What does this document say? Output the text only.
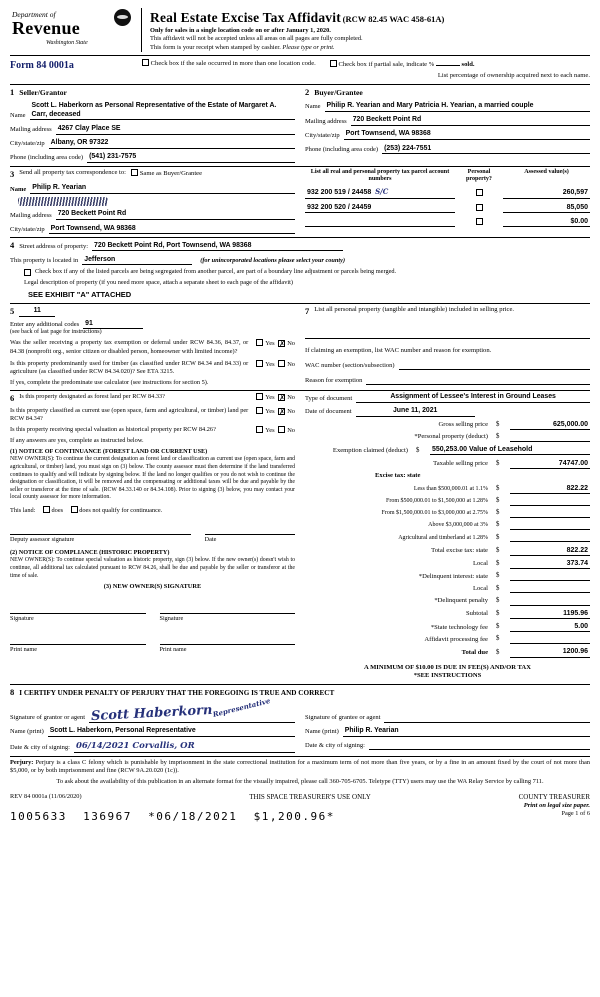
Department of
Revenue
Washington State
Real Estate Excise Tax Affidavit (RCW 82.45 WAC 458-61A)
Only for sales in a single location code on or after January 1, 2020.
This affidavit will not be accepted unless all areas on all pages are fully completed.
This form is your receipt when stamped by cashier. Please type or print.
Form 84 0001a	Check box if the sale occurred in more than one location code.	Check box if partial sale, indicate %	sold.
List percentage of ownership acquired next to each name.
1 Seller/Grantor
Name
Scott L. Haberkorn as Personal Representative of the Estate of Margaret A. Carr, deceased
Mailing address 4267 Clay Place SE
City/state/zip Albany, OR 97322
Phone (including area code) (541) 231-7575
2 Buyer/Grantee
Name Philip R. Yearian and Mary Patricia H. Yearian, a married couple
Mailing address 720 Beckett Point Rd
City/state/zip Port Townsend, WA 98368
Phone (including area code) (253) 224-7551
3 Send all property tax correspondence to:	Same as Buyer/Grantee
Name Philip R. Yearian
Mailing address 720 Beckett Point Rd
City/state/zip Port Townsend, WA 98368
List all real and personal property tax parcel account numbers
Personal property?
Assessed value(s)
932 200 519 / 24458 S/C	260,597
932 200 520 / 24459	85,050
$0.00
4 Street address of property: 720 Beckett Point Rd, Port Townsend, WA 98368
This property is located in Jefferson	(for unincorporated locations please select your county)
Check box if any of the listed parcels are being segregated from another parcel, are part of a boundary line adjustment or parcels being merged.
Legal description of property (if you need more space, attach a separate sheet to each page of the affidavit)
SEE EXHIBIT "A" ATTACHED
5	11
Enter any additional codes 91
(see back of last page for instructions)
Was the seller receiving a property tax exemption or deferral under RCW 84.36, 84.37, or 84.38 (nonprofit org., senior citizen or disabled person, homeowner with limited income)?
Yes ✗ No
Is this property predominantly used for timber (as classified under RCW 84.34 and 84.33) or agriculture (as classified under RCW 84.34.020)? See ETA 3215.
Yes No
If yes, complete the predominate use calculator (see instructions for section 5).
7 List all personal property (tangible and intangible) included in selling price.
If claiming an exemption, list WAC number and reason for exemption.
WAC number (section/subsection)
Reason for exemption
6 Is this property designated as forest land per RCW 84.33?	Yes ✗ No
Is this property classified as current use (open space, farm and agricultural, or timber) land per RCW 84.34?
Yes ✗ No
Is this property receiving special valuation as historical property per RCW 84.26?	Yes No
If any answers are yes, complete as instructed below.
(1) NOTICE OF CONTINUANCE (FOREST LAND OR CURRENT USE)
NEW OWNER(S): To continue the current designation as forest land or classification as current use (open space, farm and agricultural, or timber) land, you must sign on (3) below. The county assessor must then determine if the land transferred continues to qualify and will indicate by signing below. If the land no longer qualifies or you do not wish to continue the designation or classification, it will be removed and the compensating or additional taxes will be due and payable by the seller or transferor at the time of sale. (RCW 84.33.140 or 84.34.108). Prior to signing (3) below, you may contact your local county assessor for more information.
This land:	does	does not qualify for continuance.
Deputy assessor signature	Date
(2) NOTICE OF COMPLIANCE (HISTORIC PROPERTY)
NEW OWNER(S): To continue special valuation as historic property, sign (3) below. If the new owner(s) doesn't wish to continue, all additional tax calculated pursuant to RCW 84.26, shall be due and payable by the seller or transferor at the time of sale.
(3) NEW OWNER(S) SIGNATURE
Signature	Signature
Print name	Print name
Type of document	Assignment of Lessee's Interest in Ground Leases
Date of document	June 11, 2021
Gross selling price $	625,000.00
*Personal property (deduct) $
Exemption claimed (deduct) $	550,253.00 Value of Leasehold
Taxable selling price $	74747.00
Excise tax: state
Less than $500,000.01 at 1.1% $	822.22
From $500,000.01 to $1,500,000 at 1.28% $
From $1,500,000.01 to $3,000,000 at 2.75% $
Above $3,000,000 at 3% $
Agricultural and timberland at 1.28% $
Total excise tax: state $	822.22
Local $	373.74
*Delinquent interest: state $
Local $
*Delinquent penalty $
Subtotal $	1195.96
*State technology fee $	5.00
Affidavit processing fee $
Total due $	1200.96
A MINIMUM OF $10.00 IS DUE IN FEE(S) AND/OR TAX
*SEE INSTRUCTIONS
8 I CERTIFY UNDER PENALTY OF PERJURY THAT THE FOREGOING IS TRUE AND CORRECT
Signature of grantor or agent Scott Haberkorn
Representative
Name (print) Scott L. Haberkorn, Personal Representative
Date & city of signing: 06/14/2021 Corvallis, OR
Signature of grantee or agent
Name (print) Philip R. Yearian
Date & city of signing:
Perjury: Perjury is a class C felony which is punishable by imprisonment in the state correctional institution for a maximum term of not more than five years, or by a fine in an amount fixed by the court of not more than $5,000, or by both imprisonment and fine (RCW 9A.20.020 (1c)).
To ask about the availability of this publication in an alternate format for the visually impaired, please call 360-705-6705. Teletype (TTY) users may use the WA Relay Service by calling 711.
REV 84 0001a (11/06/2020)	THIS SPACE TREASURER'S USE ONLY	COUNTY TREASURER
1005633  136967  *06/18/2021  $1,200.96*
Print on legal size paper.
Page 1 of 6
